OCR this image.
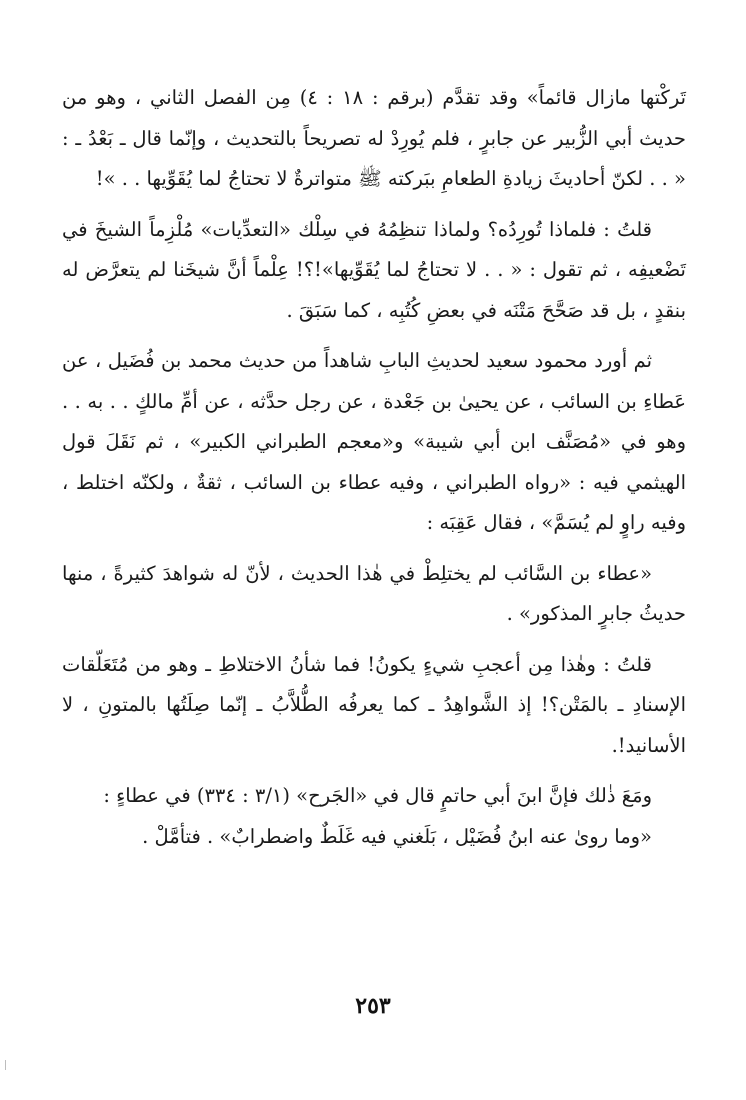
تَركْتها مازال قائماً» وقد تقدَّم (برقم : ١٨ : ٤) مِن الفصل الثاني ، وهو من حديث أبي الزُّبير عن جابرٍ ، فلم يُورِدْ له تصريحاً بالتحديث ، وإنّما قال ـ بَعْدُ ـ : « . . لكنّ أحاديثَ زيادةِ الطعامِ ببَركته ﷺ متواترةٌ لا تحتاجُ لما يُقَوِّيها . . »!

قلتُ : فلماذا تُورِدُه؟ ولماذا تنظِمُهُ في سِلْك «التعدِّيات» مُلْزِماً الشيخَ في تَضْعيفِه ، ثم تقول : « . . لا تحتاجُ لما يُقَوِّيها»!؟! عِلْماً أنَّ شيخَنا لم يتعرَّض له بنقدٍ ، بل قد صَحَّحَ مَتْنَه في بعضِ كُتُبِه ، كما سَبَقَ .

ثم أورد محمود سعيد لحديثِ البابِ شاهداً من حديث محمد بن فُضَيل ، عن عَطاءِ بن السائب ، عن يحيىٰ بن جَعْدة ، عن رجل حدَّثه ، عن أمِّ مالكٍ . . به . . وهو في «مُصَنَّف ابن أبي شيبة» و«معجم الطبراني الكبير» ، ثم نَقَلَ قول الهيثمي فيه : «رواه الطبراني ، وفيه عطاء بن السائب ، ثقةٌ ، ولكنّه اختلط ، وفيه راوٍ لم يُسَمَّ» ، فقال عَقِبَه :

«عطاء بن السَّائب لم يختلِطْ في هٰذا الحديث ، لأنّ له شواهدَ كثيرةً ، منها حديثُ جابرٍ المذكور» .

قلتُ : وهٰذا مِن أعجبِ شيءٍ يكونُ! فما شأنُ الاختلاطِ ـ وهو من مُتَعَلّقات الإسنادِ ـ بالمَتْن؟! إذ الشَّواهِدُ ـ كما يعرفُه الطُّلاَّبُ ـ إنّما صِلَتُها بالمتونِ ، لا الأسانيد!.

ومَعَ ذٰلك فإنَّ ابنَ أبي حاتمٍ قال في «الجَرح» (٣/١ : ٣٣٤) في عطاءٍ :

«وما روىٰ عنه ابنُ فُضَيْل ، بَلَغني فيه غَلَطٌ واضطرابٌ» . فتأمَّلْ .

٢٥٣
